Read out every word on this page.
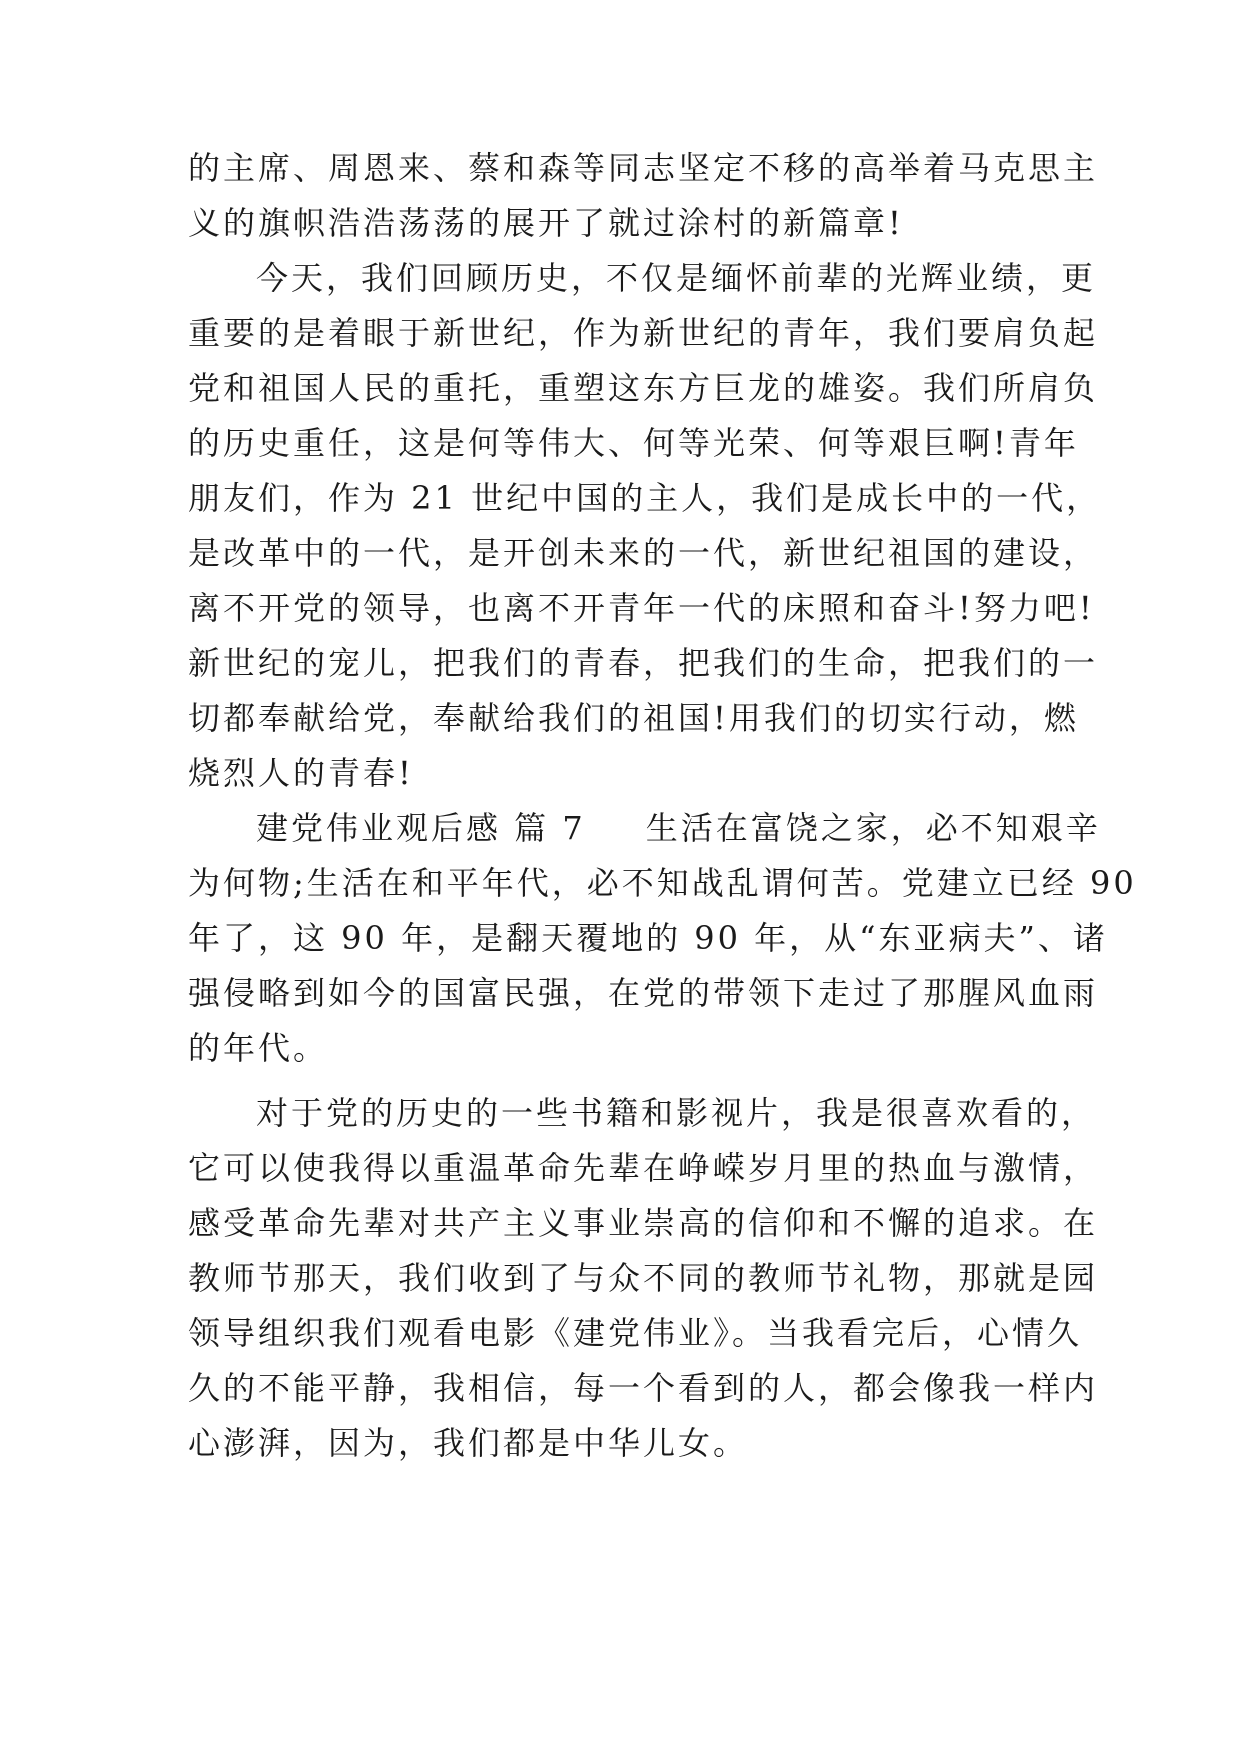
的主席、周恩来、蔡和森等同志坚定不移的高举着马克思主
义的旗帜浩浩荡荡的展开了就过涂村的新篇章!
今天，我们回顾历史，不仅是缅怀前辈的光辉业绩，更
重要的是着眼于新世纪，作为新世纪的青年，我们要肩负起
党和祖国人民的重托，重塑这东方巨龙的雄姿。我们所肩负
的历史重任，这是何等伟大、何等光荣、何等艰巨啊!青年
朋友们，作为 21 世纪中国的主人，我们是成长中的一代，
是改革中的一代，是开创未来的一代，新世纪祖国的建设，
离不开党的领导，也离不开青年一代的床照和奋斗!努力吧!
新世纪的宠儿，把我们的青春，把我们的生命，把我们的一
切都奉献给党，奉献给我们的祖国!用我们的切实行动，燃
烧烈人的青春!
建党伟业观后感 篇 7 生活在富饶之家，必不知艰辛
为何物;生活在和平年代，必不知战乱谓何苦。党建立已经 90
年了，这 90 年，是翻天覆地的 90 年，从“东亚病夫”、诸
强侵略到如今的国富民强，在党的带领下走过了那腥风血雨
的年代。
对于党的历史的一些书籍和影视片，我是很喜欢看的，
它可以使我得以重温革命先辈在峥嵘岁月里的热血与激情，
感受革命先辈对共产主义事业崇高的信仰和不懈的追求。在
教师节那天，我们收到了与众不同的教师节礼物，那就是园
领导组织我们观看电影《建党伟业》。当我看完后，心情久
久的不能平静，我相信，每一个看到的人，都会像我一样内
心澎湃，因为，我们都是中华儿女。
